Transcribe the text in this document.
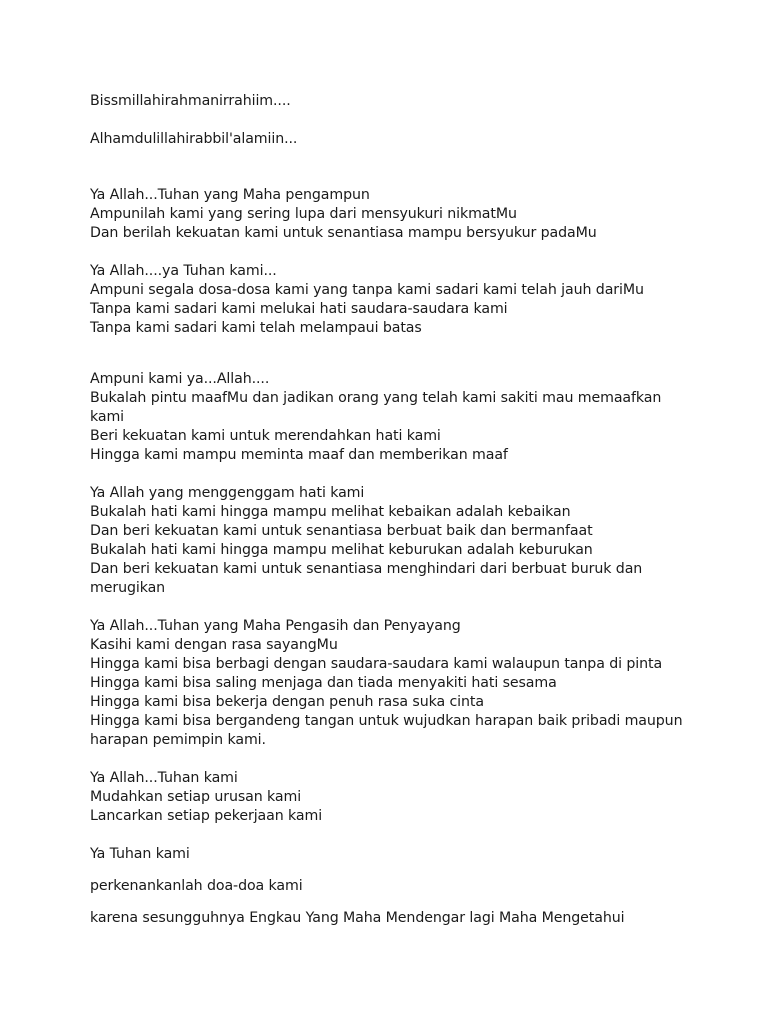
Bissmillahirahmanirrahiim....
Alhamdulillahirabbil'alamiin...
Ya Allah...Tuhan yang Maha pengampun
Ampunilah kami yang sering lupa dari mensyukuri nikmatMu
Dan berilah kekuatan kami untuk senantiasa mampu bersyukur padaMu
Ya Allah....ya Tuhan kami...
Ampuni segala dosa-dosa kami yang tanpa kami sadari kami telah jauh dariMu
Tanpa kami sadari kami melukai hati saudara-saudara kami
Tanpa kami sadari kami telah melampaui batas
Ampuni kami ya...Allah....
Bukalah pintu maafMu dan jadikan orang yang telah kami sakiti mau memaafkan
kami
Beri kekuatan kami untuk merendahkan hati kami
Hingga kami mampu meminta maaf dan memberikan maaf
Ya Allah yang menggenggam hati kami
Bukalah hati kami hingga mampu melihat kebaikan adalah kebaikan
Dan beri kekuatan kami untuk senantiasa berbuat baik dan bermanfaat
Bukalah hati kami hingga mampu melihat keburukan adalah keburukan
Dan beri kekuatan kami untuk senantiasa menghindari dari berbuat buruk dan
merugikan
Ya Allah...Tuhan yang Maha Pengasih dan Penyayang
Kasihi kami dengan rasa sayangMu
Hingga kami bisa berbagi dengan saudara-saudara kami walaupun tanpa di pinta
Hingga kami bisa saling menjaga dan tiada menyakiti hati sesama
Hingga kami bisa bekerja dengan penuh rasa suka cinta
Hingga kami bisa bergandeng tangan untuk wujudkan harapan baik pribadi maupun
harapan pemimpin kami.
Ya Allah...Tuhan kami
Mudahkan setiap urusan kami
Lancarkan setiap pekerjaan kami
Ya Tuhan kami
perkenankanlah doa-doa kami
karena sesungguhnya Engkau Yang Maha Mendengar lagi Maha Mengetahui
